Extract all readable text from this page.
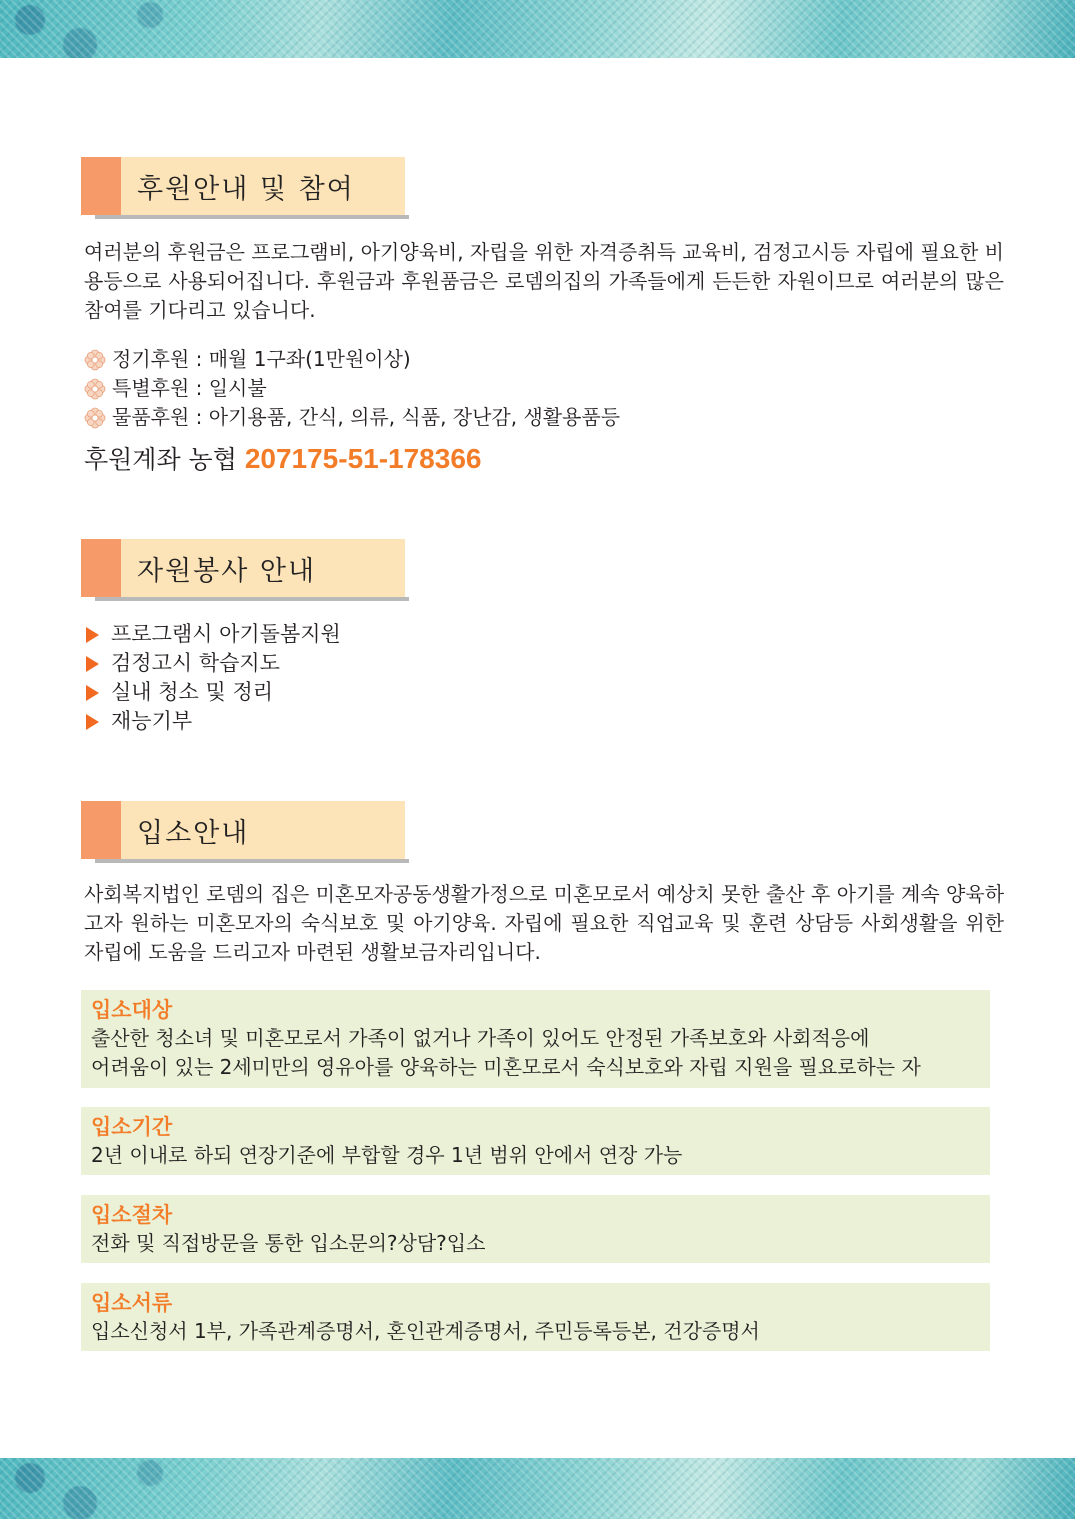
후원안내 및 참여
여러분의 후원금은 프로그램비, 아기양육비, 자립을 위한 자격증취득 교육비, 검정고시등 자립에 필요한 비용등으로 사용되어집니다. 후원금과 후원품금은 로뎀의집의 가족들에게 든든한 자원이므로 여러분의 많은 참여를 기다리고 있습니다.
정기후원 : 매월 1구좌(1만원이상)
특별후원 : 일시불
물품후원 : 아기용품, 간식, 의류, 식품, 장난감, 생활용품등
후원계좌 농협 207175-51-178366
자원봉사 안내
프로그램시 아기돌봄지원
검정고시 학습지도
실내 청소 및 정리
재능기부
입소안내
사회복지법인 로뎀의 집은 미혼모자공동생활가정으로 미혼모로서 예상치 못한 출산 후 아기를 계속 양육하고자 원하는 미혼모자의 숙식보호 및 아기양육. 자립에 필요한 직업교육 및 훈련 상담등 사회생활을 위한 자립에 도움을 드리고자 마련된 생활보금자리입니다.
입소대상
출산한 청소녀 및 미혼모로서 가족이 없거나 가족이 있어도 안정된 가족보호와 사회적응에
어려움이 있는 2세미만의 영유아를 양육하는 미혼모로서 숙식보호와 자립 지원을 필요로하는 자
입소기간
2년 이내로 하되 연장기준에 부합할 경우 1년 범위 안에서 연장 가능
입소절차
전화 및 직접방문을 통한 입소문의?상담?입소
입소서류
입소신청서 1부, 가족관계증명서, 혼인관계증명서, 주민등록등본, 건강증명서
